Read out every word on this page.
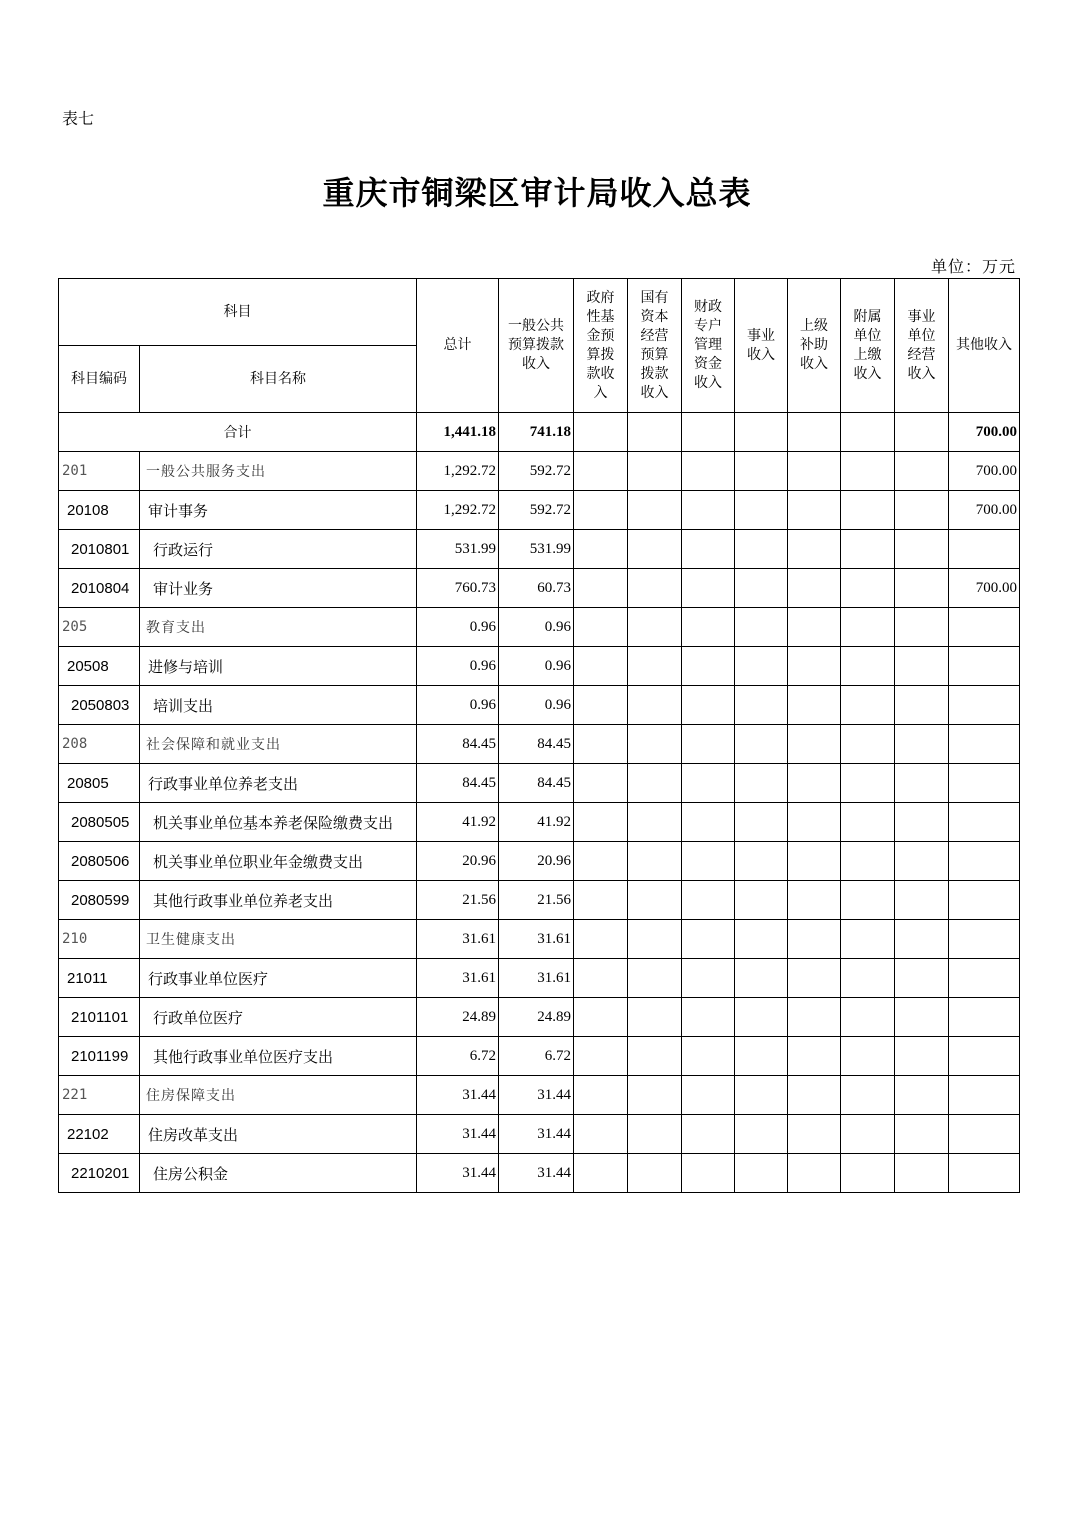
表七
重庆市铜梁区审计局收入总表
单位：万元
科目		总计	一般公共预算拨款收入	政府性基金预算拨款收入	国有资本经营预算拨款收入	财政专户管理资金收入	事业收入	上级补助收入	附属单位上缴收入	事业单位经营收入	其他收入
科目编码	科目名称										
合计		1,441.18	741.18								700.00
201	一般公共服务支出	1,292.72	592.72								700.00
20108	审计事务	1,292.72	592.72								700.00
2010801	行政运行	531.99	531.99								
2010804	审计业务	760.73	60.73								700.00
205	教育支出	0.96	0.96								
20508	进修与培训	0.96	0.96								
2050803	培训支出	0.96	0.96								
208	社会保障和就业支出	84.45	84.45								
20805	行政事业单位养老支出	84.45	84.45								
2080505	机关事业单位基本养老保险缴费支出	41.92	41.92								
2080506	机关事业单位职业年金缴费支出	20.96	20.96								
2080599	其他行政事业单位养老支出	21.56	21.56								
210	卫生健康支出	31.61	31.61								
21011	行政事业单位医疗	31.61	31.61								
2101101	行政单位医疗	24.89	24.89								
2101199	其他行政事业单位医疗支出	6.72	6.72								
221	住房保障支出	31.44	31.44								
22102	住房改革支出	31.44	31.44								
2210201	住房公积金	31.44	31.44								
